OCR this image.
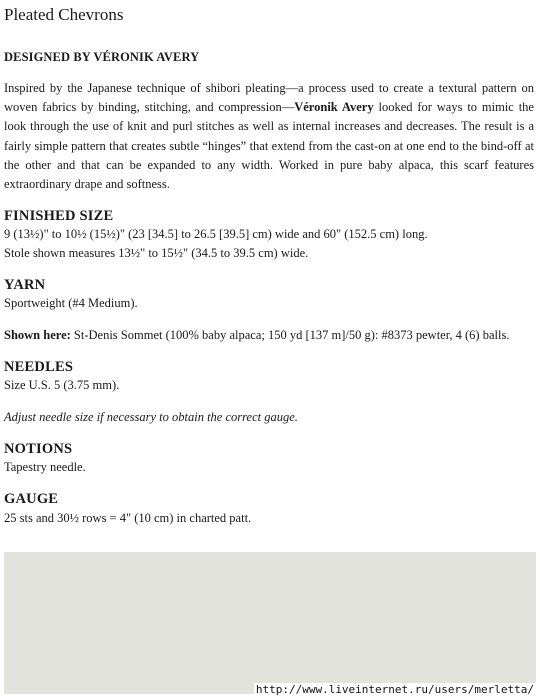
Pleated Chevrons
DESIGNED BY VÉRONIK AVERY
Inspired by the Japanese technique of shibori pleating—a process used to create a textural pattern on woven fabrics by binding, stitching, and compression—Véronik Avery looked for ways to mimic the look through the use of knit and purl stitches as well as internal increases and decreases. The result is a fairly simple pattern that creates subtle “hinges” that extend from the cast-on at one end to the bind-off at the other and that can be expanded to any width. Worked in pure baby alpaca, this scarf features extraordinary drape and softness.
FINISHED SIZE
9 (13½)" to 10½ (15½)" (23 [34.5] to 26.5 [39.5] cm) wide and 60" (152.5 cm) long.
Stole shown measures 13½" to 15½" (34.5 to 39.5 cm) wide.
YARN
Sportweight (#4 Medium).
Shown here: St-Denis Sommet (100% baby alpaca; 150 yd [137 m]/50 g): #8373 pewter, 4 (6) balls.
NEEDLES
Size U.S. 5 (3.75 mm).
Adjust needle size if necessary to obtain the correct gauge.
NOTIONS
Tapestry needle.
GAUGE
25 sts and 30½ rows = 4" (10 cm) in charted patt.
http://www.liveinternet.ru/users/merletta/
